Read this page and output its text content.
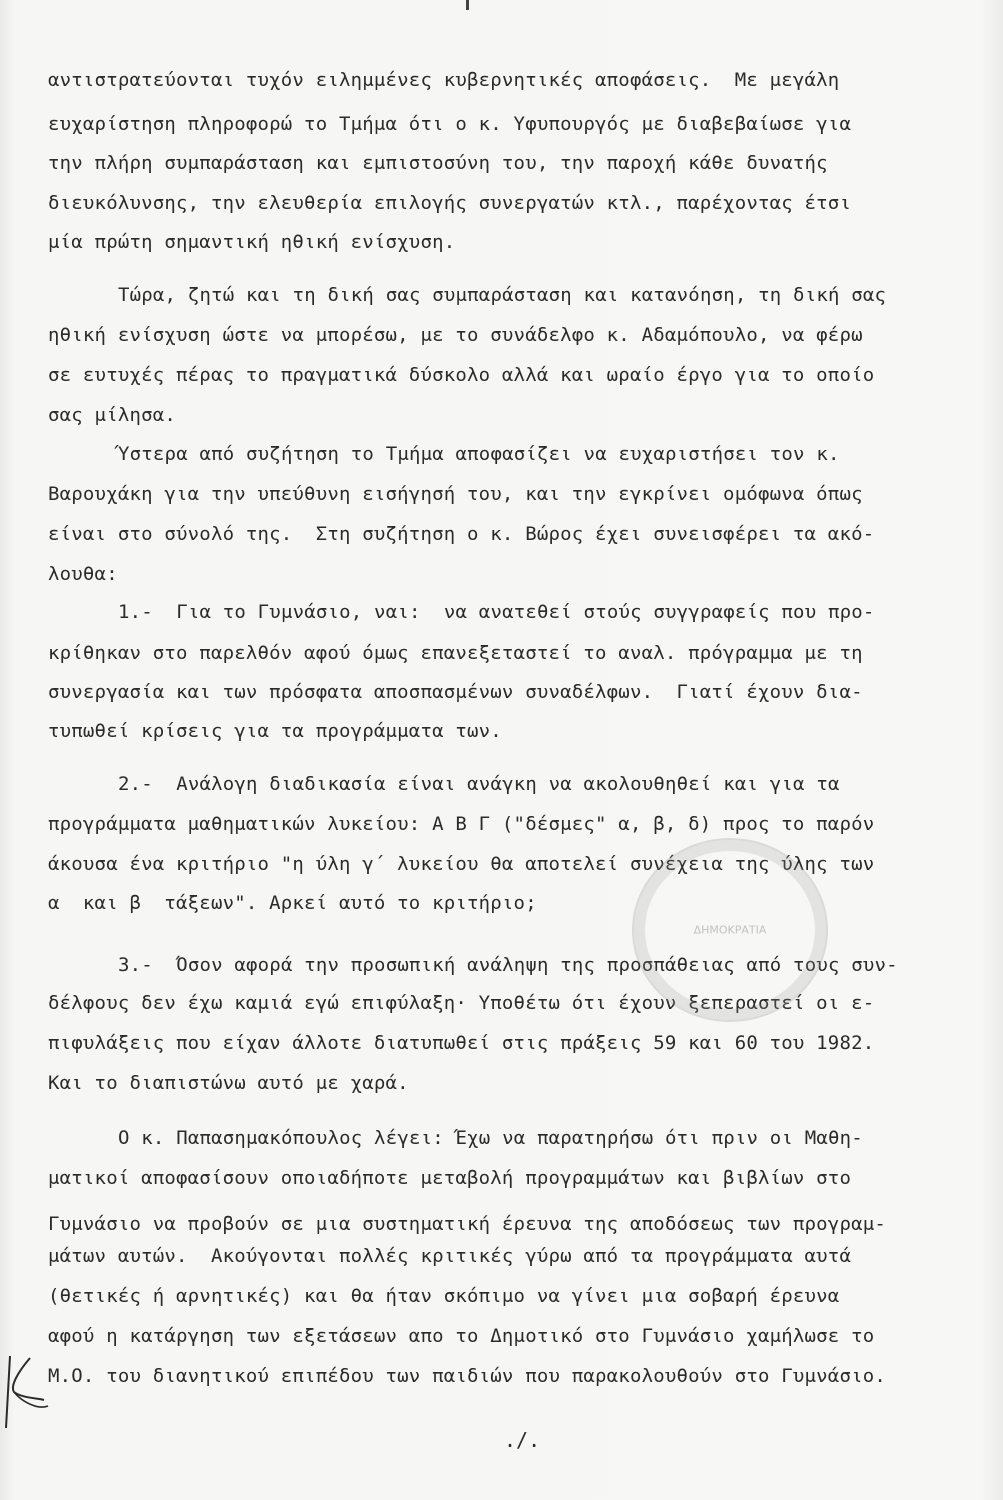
αντιστρατεύονται τυχόν ειλημμένες κυβερνητικές αποφάσεις.  Με μεγάλη
ευχαρίστηση πληροφορώ το Τμήμα ότι ο κ. Υφυπουργός με διαβεβαίωσε για
την πλήρη συμπαράσταση και εμπιστοσύνη του, την παροχή κάθε δυνατής
διευκόλυνσης, την ελευθερία επιλογής συνεργατών κτλ., παρέχοντας έτσι
μία πρώτη σημαντική ηθική ενίσχυση.
Τώρα, ζητώ και τη δική σας συμπαράσταση και κατανόηση, τη δική σας
ηθική ενίσχυση ώστε να μπορέσω, με το συνάδελφο κ. Αδαμόπουλο, να φέρω
σε ευτυχές πέρας το πραγματικά δύσκολο αλλά και ωραίο έργο για το οποίο
σας μίλησα.
Ύστερα από συζήτηση το Τμήμα αποφασίζει να ευχαριστήσει τον κ.
Βαρουχάκη για την υπεύθυνη εισήγησή του, και την εγκρίνει ομόφωνα όπως
είναι στο σύνολό της.  Στη συζήτηση ο κ. Βώρος έχει συνεισφέρει τα ακό-
λουθα:
1.-  Για το Γυμνάσιο, ναι:  να ανατεθεί στούς συγγραφείς που προ-
κρίθηκαν στο παρελθόν αφού όμως επανεξεταστεί το αναλ. πρόγραμμα με τη
συνεργασία και των πρόσφατα αποσπασμένων συναδέλφων.  Γιατί έχουν δια-
τυπωθεί κρίσεις για τα προγράμματα των.
2.-  Ανάλογη διαδικασία είναι ανάγκη να ακολουθηθεί και για τα
προγράμματα μαθηματικών λυκείου: Α Β Γ ("δέσμες" α, β, δ) προς το παρόν
άκουσα ένα κριτήριο "η ύλη γ΄ λυκείου θα αποτελεί συνέχεια της ύλης των
α  και β  τάξεων". Αρκεί αυτό το κριτήριο;
3.-  Όσον αφορά την προσωπική ανάληψη της προσπάθειας από τους συν-
δέλφους δεν έχω καμιά εγώ επιφύλαξη· Υποθέτω ότι έχουν ξεπεραστεί οι ε-
πιφυλάξεις που είχαν άλλοτε διατυπωθεί στις πράξεις 59 και 60 του 1982.
Και το διαπιστώνω αυτό με χαρά.
Ο κ. Παπασημακόπουλος λέγει: Έχω να παρατηρήσω ότι πριν οι Μαθη-
ματικοί αποφασίσουν οποιαδήποτε μεταβολή προγραμμάτων και βιβλίων στο
Γυμνάσιο να προβούν σε μια συστηματική έρευνα της αποδόσεως των προγραμ-
μάτων αυτών.  Ακούγονται πολλές κριτικές γύρω από τα προγράμματα αυτά
(θετικές ή αρνητικές) και θα ήταν σκόπιμο να γίνει μια σοβαρή έρευνα
αφού η κατάργηση των εξετάσεων απο το Δημοτικό στο Γυμνάσιο χαμήλωσε το
Μ.Ο. του διανητικού επιπέδου των παιδιών που παρακολουθούν στο Γυμνάσιο.
ΔΗΜΟΚΡΑΤΙΑ
./.
